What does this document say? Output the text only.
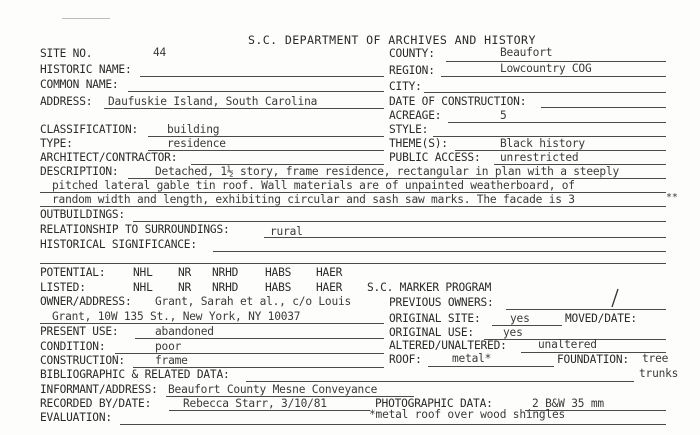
S.C. DEPARTMENT OF ARCHIVES AND HISTORY
SITE NO.	44	COUNTY:	Beaufort
HISTORIC NAME:	REGION:	Lowcountry COG
COMMON NAME:	CITY:
ADDRESS: Daufuskie Island, South Carolina	DATE OF CONSTRUCTION:
ACREAGE:	5
CLASSIFICATION:	building	STYLE:
TYPE:	residence	THEME(S):	Black history
ARCHITECT/CONTRACTOR:	PUBLIC ACCESS: unrestricted
DESCRIPTION:	Detached, 1½ story, frame residence, rectangular in plan with a steeply
pitched lateral gable tin roof. Wall materials are of unpainted weatherboard, of
random width and length, exhibiting circular and sash saw marks. The facade is 3	**
OUTBUILDINGS:
RELATIONSHIP TO SURROUNDINGS:	rural
HISTORICAL SIGNIFICANCE:
POTENTIAL: NHL NR NRHD HABS HAER
LISTED:	NHL NR NRHD HABS HAER S.C. MARKER PROGRAM
OWNER/ADDRESS: Grant, Sarah et al., c/o Louis	PREVIOUS OWNERS:
Grant, 10W 135 St., New York, NY 10037	ORIGINAL SITE:	yes	MOVED/DATE:
PRESENT USE:	abandoned	ORIGINAL USE:	yes
CONDITION:	poor	ALTERED/UNALTERED:	unaltered
CONSTRUCTION:	frame	ROOF:	metal*	FOUNDATION: tree
trunks
BIBLIOGRAPHIC & RELATED DATA:
INFORMANT/ADDRESS: Beaufort County Mesne Conveyance
RECORDED BY/DATE:	Rebecca Starr, 3/10/81	PHOTOGRAPHIC DATA:	2 B&W 35 mm
EVALUATION:	*metal roof over wood shingles
